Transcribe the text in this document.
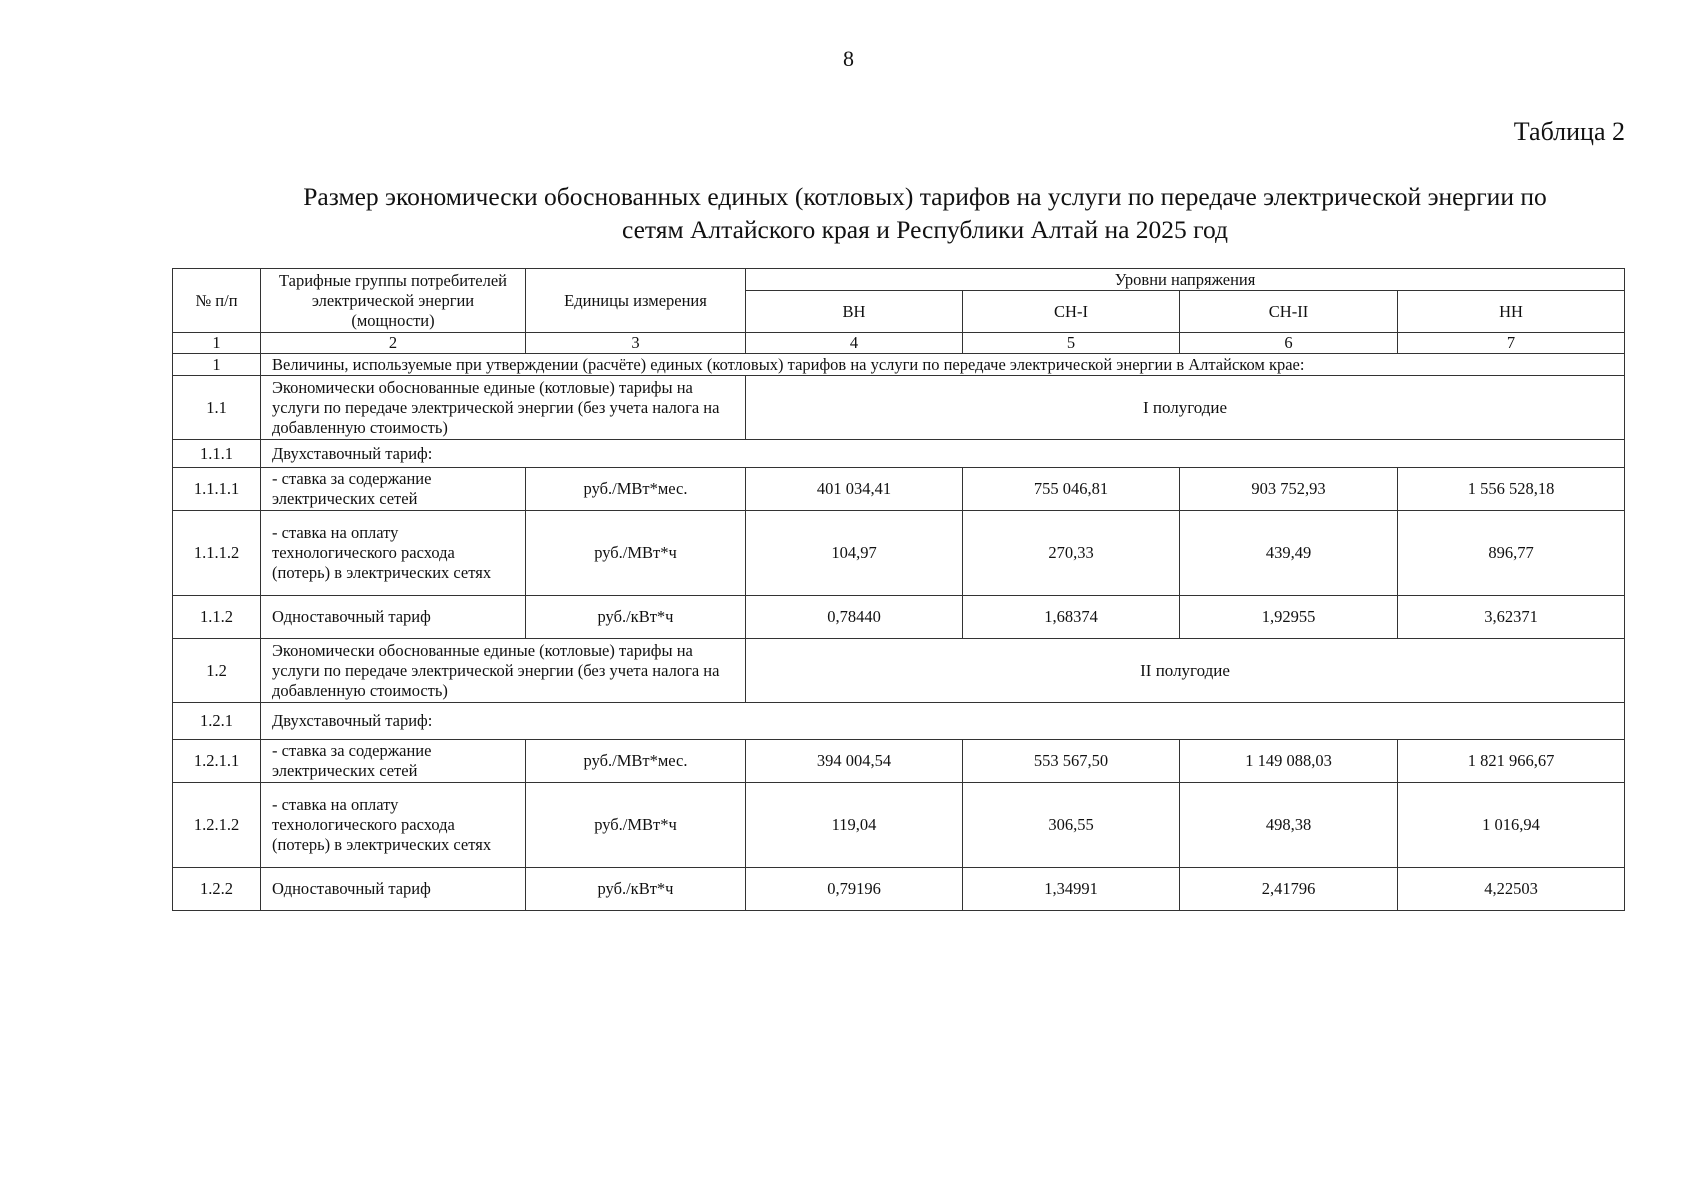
8
Таблица 2
Размер экономически обоснованных единых (котловых) тарифов на услуги по передаче электрической энергии по
сетям Алтайского края и Республики Алтай на 2025 год
№ п/п	Тарифные группы потребителей электрической энергии (мощности)	Единицы измерения	Уровни напряжения			
			ВН	СН-I	СН-II	НН
1	2	3	4	5	6	7
1	Величины, используемые при утверждении (расчёте) единых (котловых) тарифов на услуги по передаче электрической энергии в Алтайском крае:					
1.1	Экономически обоснованные единые (котловые) тарифы на услуги по передаче электрической энергии (без учета налога на добавленную стоимость)		I полугодие			
1.1.1	Двухставочный тариф:					
1.1.1.1	- ставка за содержание электрических сетей	руб./МВт*мес.	401 034,41	755 046,81	903 752,93	1 556 528,18
1.1.1.2	- ставка на оплату технологического расхода (потерь) в электрических сетях	руб./МВт*ч	104,97	270,33	439,49	896,77
1.1.2	Одноставочный тариф	руб./кВт*ч	0,78440	1,68374	1,92955	3,62371
1.2	Экономически обоснованные единые (котловые) тарифы на услуги по передаче электрической энергии (без учета налога на добавленную стоимость)		II полугодие			
1.2.1	Двухставочный тариф:					
1.2.1.1	- ставка за содержание электрических сетей	руб./МВт*мес.	394 004,54	553 567,50	1 149 088,03	1 821 966,67
1.2.1.2	- ставка на оплату технологического расхода (потерь) в электрических сетях	руб./МВт*ч	119,04	306,55	498,38	1 016,94
1.2.2	Одноставочный тариф	руб./кВт*ч	0,79196	1,34991	2,41796	4,22503
